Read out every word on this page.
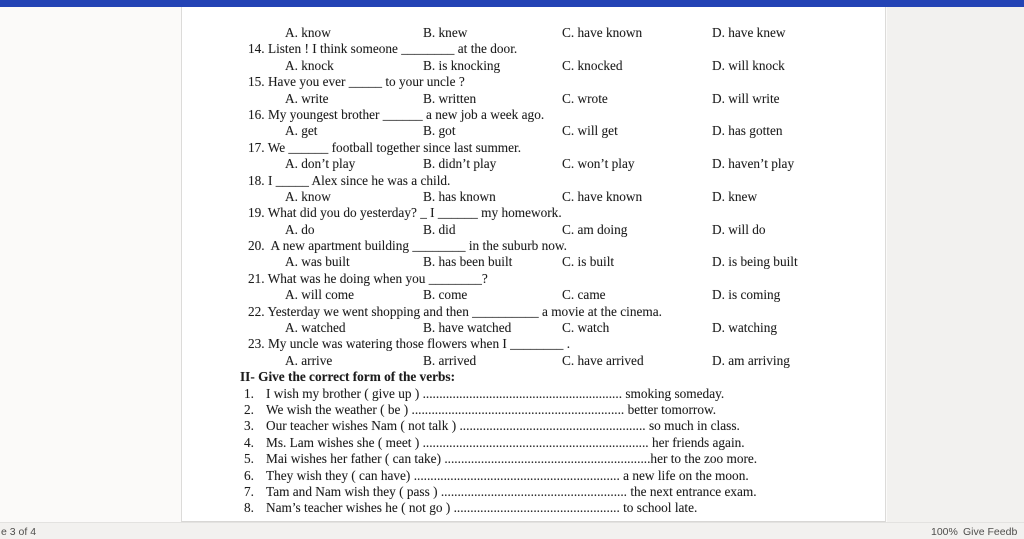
A. know

	B. knew

	C. have known

	D. have knew

14. Listen ! I think someone ________ at the door.

A. knock

	B. is knocking

	C. knocked

	D. will knock

15. Have you ever _____ to your uncle ?

A. write

	B. written

	C. wrote

	D. will write

16. My youngest brother ______ a new job a week ago.

A. get

	B. got

	C. will get

	D. has gotten

17. We ______ football together since last summer.

A. don’t play

	B. didn’t play

	C. won’t play

	D. haven’t play

18. I _____ Alex since he was a child.

A. know

	B. has known

	C. have known

	D. knew

19. What did you do yesterday? _ I ______ my homework.

A. do

	B. did

	C. am doing

	D. will do

20.  A new apartment building ________ in the suburb now.

A. was built

	B. has been built

	C. is built

	D. is being built

21. What was he doing when you ________?

A. will come

	B. come

	C. came

	D. is coming

22. Yesterday we went shopping and then __________ a movie at the cinema.

A. watched

	B. have watched

	C. watch

	D. watching

23. My uncle was watering those flowers when I ________ .

A. arrive

	B. arrived

	C. have arrived

	D. am arriving

II- Give the correct form of the verbs:

1.

I wish my brother ( give up ) ............................................................ smoking someday.

2.

We wish the weather ( be ) ................................................................ better tomorrow.

3.

Our teacher wishes Nam ( not talk ) ........................................................ so much in class.

4.

Ms. Lam wishes she ( meet ) .................................................................... her friends again.

5.

Mai wishes her father ( can take) ..............................................................her to the zoo more.

6.

They wish they ( can have) .............................................................. a new life on the moon.

7.

Tam and Nam wish they ( pass ) ........................................................ the next entrance exam.

8.

Nam’s teacher wishes he ( not go ) .................................................. to school late.

e 3 of 4	100% Give Feedb
